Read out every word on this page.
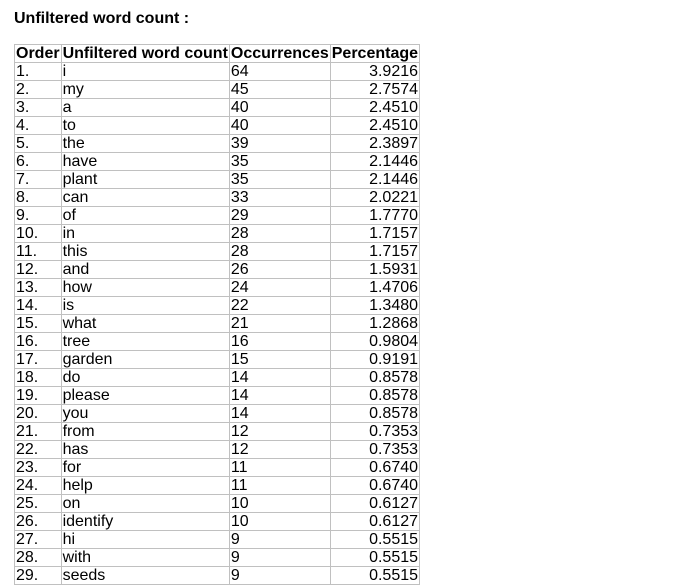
Unfiltered word count :
Order	Unfiltered word count	Occurrences	Percentage
1.	i	64	3.9216
2.	my	45	2.7574
3.	a	40	2.4510
4.	to	40	2.4510
5.	the	39	2.3897
6.	have	35	2.1446
7.	plant	35	2.1446
8.	can	33	2.0221
9.	of	29	1.7770
10.	in	28	1.7157
11.	this	28	1.7157
12.	and	26	1.5931
13.	how	24	1.4706
14.	is	22	1.3480
15.	what	21	1.2868
16.	tree	16	0.9804
17.	garden	15	0.9191
18.	do	14	0.8578
19.	please	14	0.8578
20.	you	14	0.8578
21.	from	12	0.7353
22.	has	12	0.7353
23.	for	11	0.6740
24.	help	11	0.6740
25.	on	10	0.6127
26.	identify	10	0.6127
27.	hi	9	0.5515
28.	with	9	0.5515
29.	seeds	9	0.5515
